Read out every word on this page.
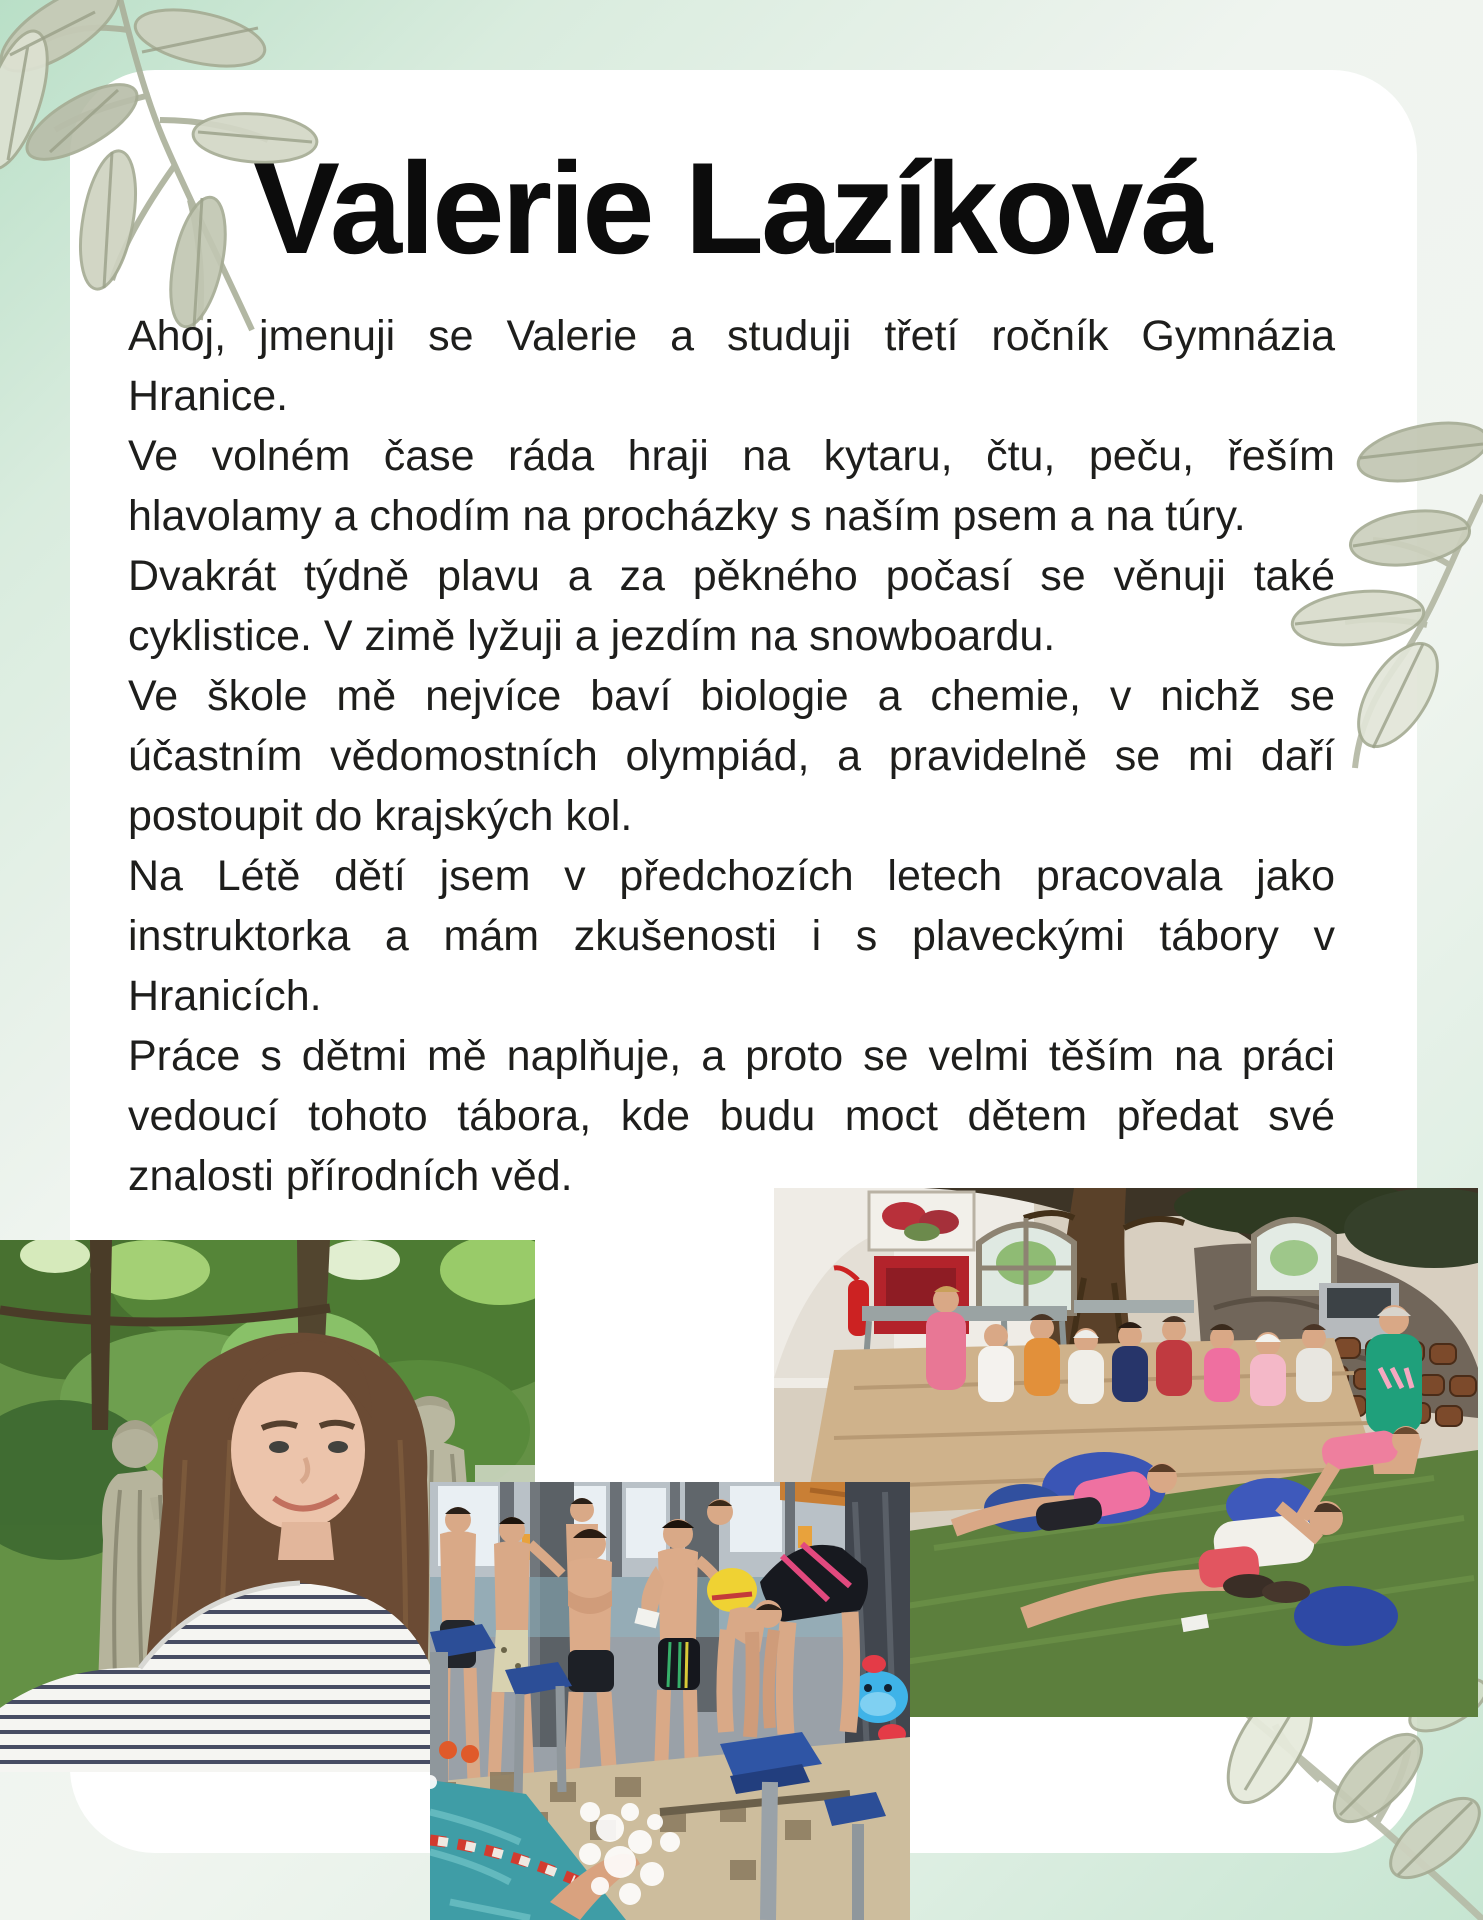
Valerie Lazíková

Ahoj, jmenuji se Valerie a studuji třetí ročník Gymnázia Hranice.

Ve volném čase ráda hraji na kytaru, čtu, peču, řeším hlavolamy a chodím na procházky s naším psem a na túry.

Dvakrát týdně plavu a za pěkného počasí se věnuji také cyklistice. V zimě lyžuji a jezdím na snowboardu.

Ve škole mě nejvíce baví biologie a chemie, v nichž se účastním vědomostních olympiád, a pravidelně se mi daří postoupit do krajských kol.

Na Létě dětí jsem v předchozích letech pracovala jako instruktorka a mám zkušenosti i s plaveckými tábory v Hranicích.

Práce s dětmi mě naplňuje, a proto se velmi těším na práci vedoucí tohoto tábora, kde budu moct dětem předat své znalosti přírodních věd.
